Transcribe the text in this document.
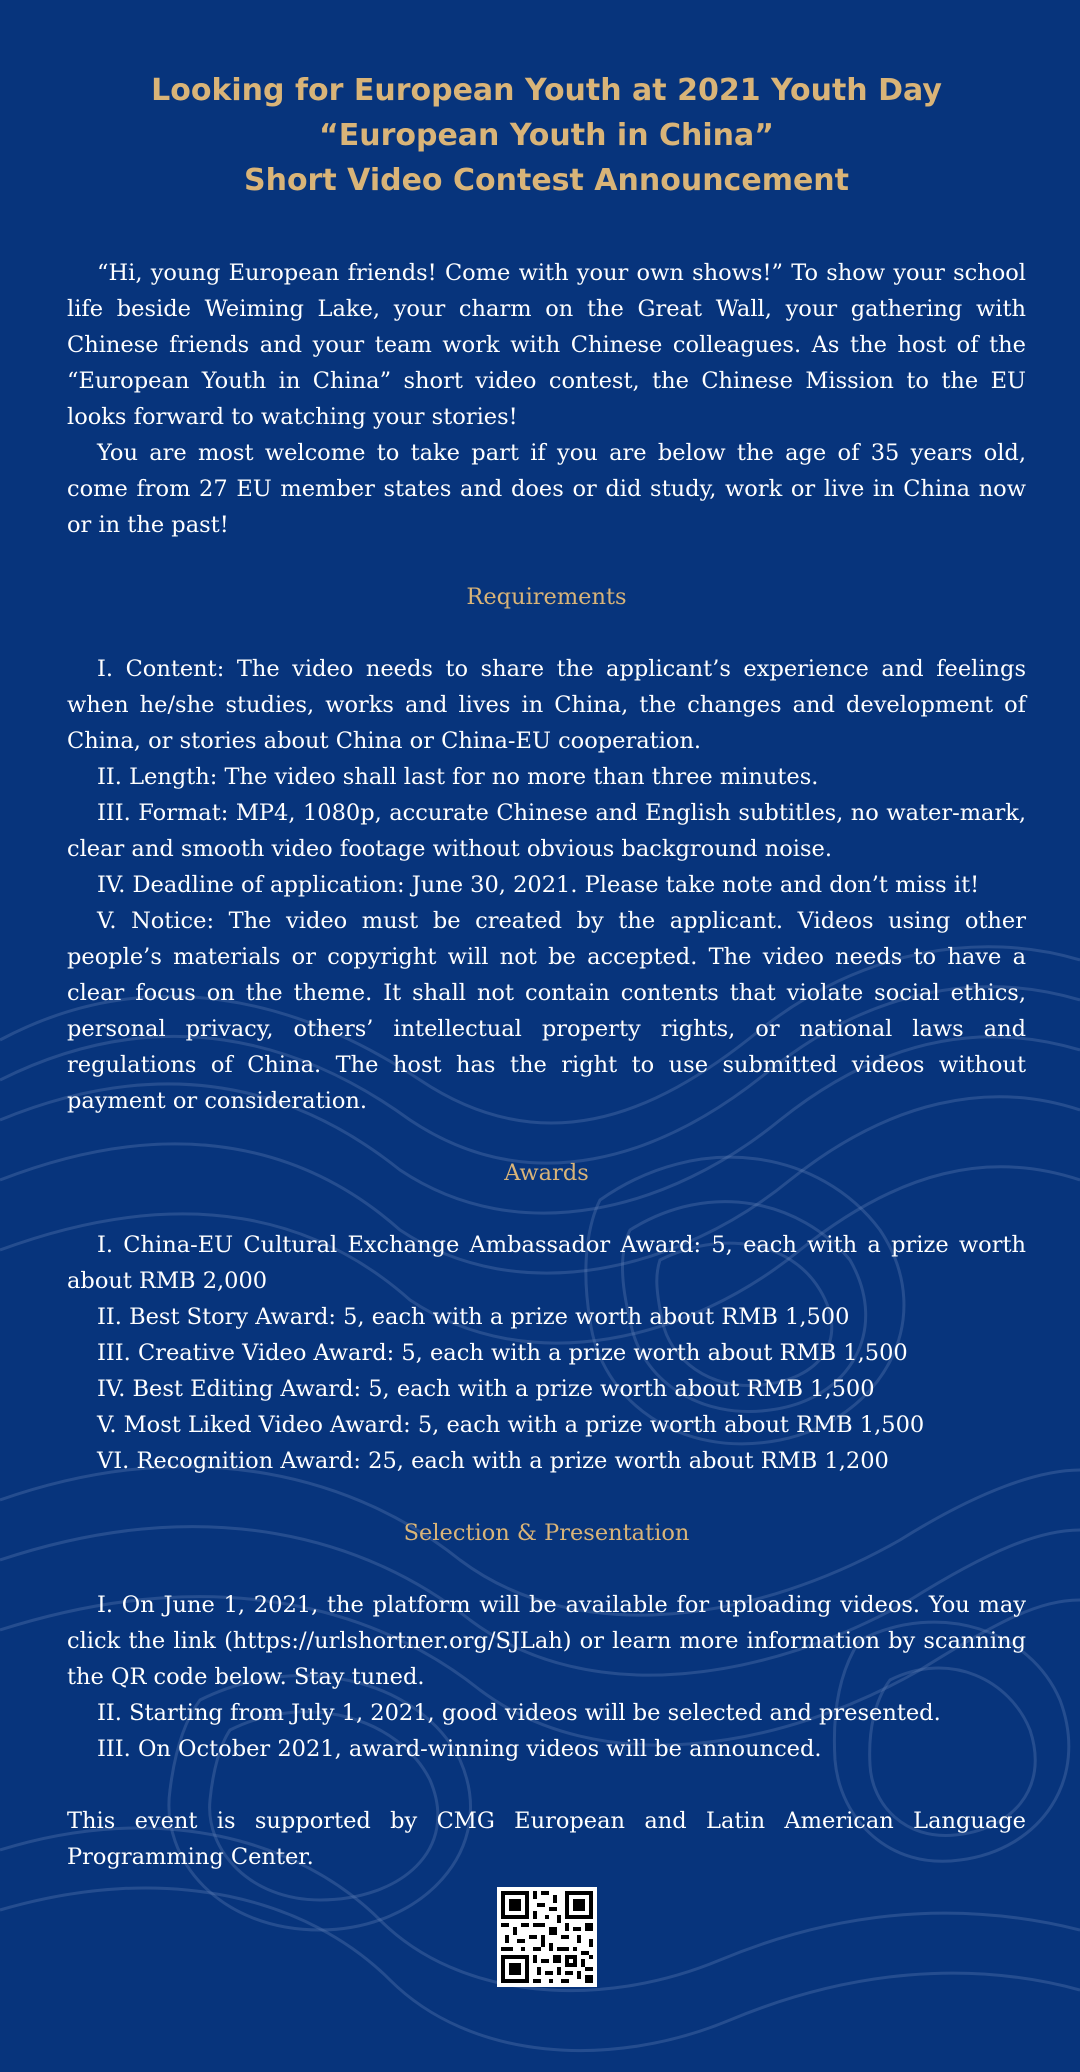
Looking for European Youth at 2021 Youth Day
“European Youth in China”
Short Video Contest Announcement

“Hi, young European friends! Come with your own shows!” To show your school life beside Weiming Lake, your charm on the Great Wall, your gathering with Chinese friends and your team work with Chinese colleagues. As the host of the “European Youth in China” short video contest, the Chinese Mission to the EU looks forward to watching your stories!

You are most welcome to take part if you are below the age of 35 years old, come from 27 EU member states and does or did study, work or live in China now or in the past!

Requirements

I. Content: The video needs to share the applicant’s experience and feelings when he/she studies, works and lives in China, the changes and development of China, or stories about China or China-EU cooperation.

II. Length: The video shall last for no more than three minutes.

III. Format: MP4, 1080p, accurate Chinese and English subtitles, no water-mark, clear and smooth video footage without obvious background noise.

IV. Deadline of application: June 30, 2021. Please take note and don’t miss it!

V. Notice: The video must be created by the applicant. Videos using other people’s materials or copyright will not be accepted. The video needs to have a clear focus on the theme. It shall not contain contents that violate social ethics, personal privacy, others’ intellectual property rights, or national laws and regulations of China. The host has the right to use submitted videos without payment or consideration.

Awards

I. China-EU Cultural Exchange Ambassador Award: 5, each with a prize worth about RMB 2,000

II. Best Story Award: 5, each with a prize worth about RMB 1,500

III. Creative Video Award: 5, each with a prize worth about RMB 1,500

IV. Best Editing Award: 5, each with a prize worth about RMB 1,500

V. Most Liked Video Award: 5, each with a prize worth about RMB 1,500

VI. Recognition Award: 25, each with a prize worth about RMB 1,200

Selection & Presentation

I. On June 1, 2021, the platform will be available for uploading videos. You may click the link (https://urlshortner.org/SJLah) or learn more information by scanning the QR code below. Stay tuned.

II. Starting from July 1, 2021, good videos will be selected and presented.

III. On October 2021, award-winning videos will be announced.

This event is supported by CMG European and Latin American Language Programming Center.
